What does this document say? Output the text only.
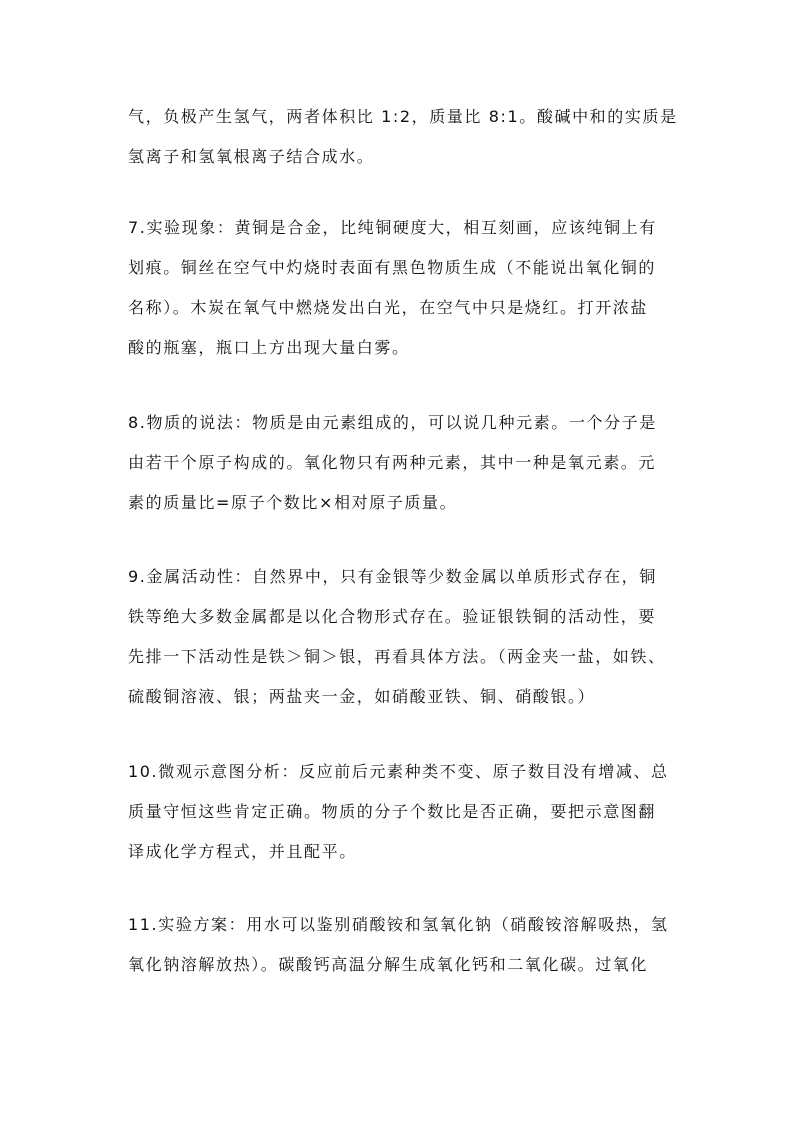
气，负极产生氢气，两者体积比 1:2，质量比 8:1。酸碱中和的实质是
氢离子和氢氧根离子结合成水。
7.实验现象：黄铜是合金，比纯铜硬度大，相互刻画，应该纯铜上有
划痕。铜丝在空气中灼烧时表面有黑色物质生成（不能说出氧化铜的
名称）。木炭在氧气中燃烧发出白光，在空气中只是烧红。打开浓盐
酸的瓶塞，瓶口上方出现大量白雾。
8.物质的说法：物质是由元素组成的，可以说几种元素。一个分子是
由若干个原子构成的。氧化物只有两种元素，其中一种是氧元素。元
素的质量比=原子个数比×相对原子质量。
9.金属活动性：自然界中，只有金银等少数金属以单质形式存在，铜
铁等绝大多数金属都是以化合物形式存在。验证银铁铜的活动性，要
先排一下活动性是铁＞铜＞银，再看具体方法。（两金夹一盐，如铁、
硫酸铜溶液、银；两盐夹一金，如硝酸亚铁、铜、硝酸银。）
10.微观示意图分析：反应前后元素种类不变、原子数目没有增减、总
质量守恒这些肯定正确。物质的分子个数比是否正确，要把示意图翻
译成化学方程式，并且配平。
11.实验方案：用水可以鉴别硝酸铵和氢氧化钠（硝酸铵溶解吸热，氢
氧化钠溶解放热）。碳酸钙高温分解生成氧化钙和二氧化碳。过氧化
